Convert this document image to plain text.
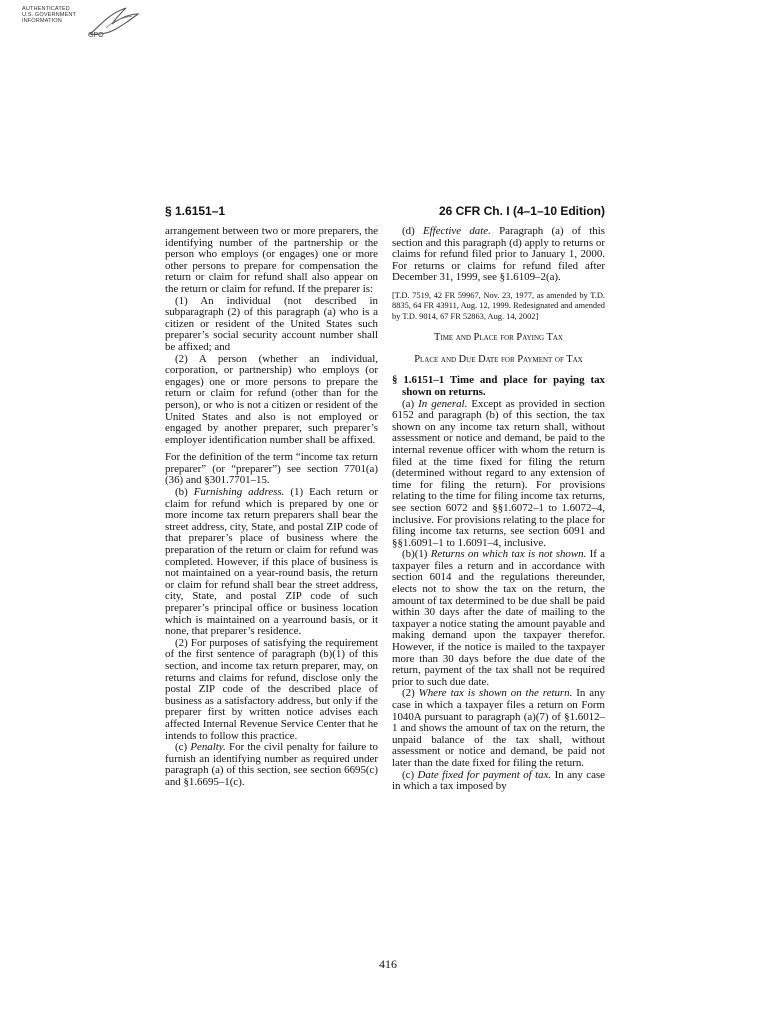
AUTHENTICATED
U.S. GOVERNMENT
INFORMATION
GPO
§ 1.6151–1	26 CFR Ch. I (4–1–10 Edition)

arrangement between two or more preparers, the identifying number of the partnership or the person who employs (or engages) one or more other persons to prepare for compensation the return or claim for refund shall also appear on the return or claim for refund. If the preparer is:

(1) An individual (not described in subparagraph (2) of this paragraph (a) who is a citizen or resident of the United States such preparer’s social security account number shall be affixed; and

(2) A person (whether an individual, corporation, or partnership) who employs (or engages) one or more persons to prepare the return or claim for refund (other than for the person), or who is not a citizen or resident of the United States and also is not employed or engaged by another preparer, such preparer’s employer identification number shall be affixed.

For the definition of the term “income tax return preparer” (or “preparer”) see section 7701(a)(36) and §301.7701–15.

(b) Furnishing address. (1) Each return or claim for refund which is prepared by one or more income tax return preparers shall bear the street address, city, State, and postal ZIP code of that preparer’s place of business where the preparation of the return or claim for refund was completed. However, if this place of business is not maintained on a year-round basis, the return or claim for refund shall bear the street address, city, State, and postal ZIP code of such preparer’s principal office or business location which is maintained on a yearround basis, or it none, that preparer’s residence.

(2) For purposes of satisfying the requirement of the first sentence of paragraph (b)(1) of this section, and income tax return preparer, may, on returns and claims for refund, disclose only the postal ZIP code of the described place of business as a satisfactory address, but only if the preparer first by written notice advises each affected Internal Revenue Service Center that he intends to follow this practice.

(c) Penalty. For the civil penalty for failure to furnish an identifying number as required under paragraph (a) of this section, see section 6695(c) and §1.6695–1(c).

(d) Effective date. Paragraph (a) of this section and this paragraph (d) apply to returns or claims for refund filed prior to January 1, 2000. For returns or claims for refund filed after December 31, 1999, see §1.6109–2(a).

[T.D. 7519, 42 FR 59967, Nov. 23, 1977, as amended by T.D. 8835, 64 FR 43911, Aug. 12, 1999. Redesignated and amended by T.D. 9014, 67 FR 52863, Aug. 14, 2002]

Time and Place for Paying Tax

Place and Due Date for Payment of Tax

§ 1.6151–1 Time and place for paying tax shown on returns.

(a) In general. Except as provided in section 6152 and paragraph (b) of this section, the tax shown on any income tax return shall, without assessment or notice and demand, be paid to the internal revenue officer with whom the return is filed at the time fixed for filing the return (determined without regard to any extension of time for filing the return). For provisions relating to the time for filing income tax returns, see section 6072 and §§1.6072–1 to 1.6072–4, inclusive. For provisions relating to the place for filing income tax returns, see section 6091 and §§1.6091–1 to 1.6091–4, inclusive.

(b)(1) Returns on which tax is not shown. If a taxpayer files a return and in accordance with section 6014 and the regulations thereunder, elects not to show the tax on the return, the amount of tax determined to be due shall be paid within 30 days after the date of mailing to the taxpayer a notice stating the amount payable and making demand upon the taxpayer therefor. However, if the notice is mailed to the taxpayer more than 30 days before the due date of the return, payment of the tax shall not be required prior to such due date.

(2) Where tax is shown on the return. In any case in which a taxpayer files a return on Form 1040A pursuant to paragraph (a)(7) of §1.6012–1 and shows the amount of tax on the return, the unpaid balance of the tax shall, without assessment or notice and demand, be paid not later than the date fixed for filing the return.

(c) Date fixed for payment of tax. In any case in which a tax imposed by

416
